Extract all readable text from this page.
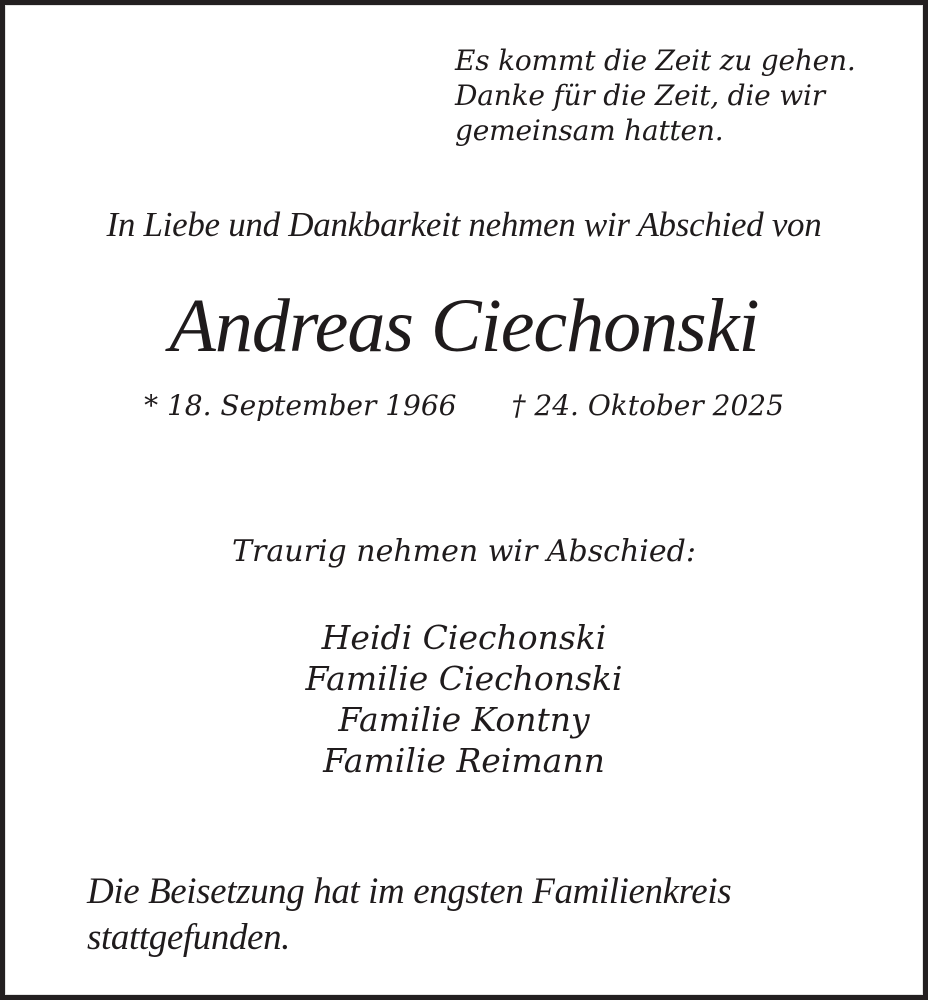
Es kommt die Zeit zu gehen.
Danke für die Zeit, die wir
gemeinsam hatten.
In Liebe und Dankbarkeit nehmen wir Abschied von
Andreas Ciechonski
* 18. September 1966 † 24. Oktober 2025
Traurig nehmen wir Abschied:
Heidi Ciechonski
Familie Ciechonski
Familie Kontny
Familie Reimann
Die Beisetzung hat im engsten Familienkreis
stattgefunden.
